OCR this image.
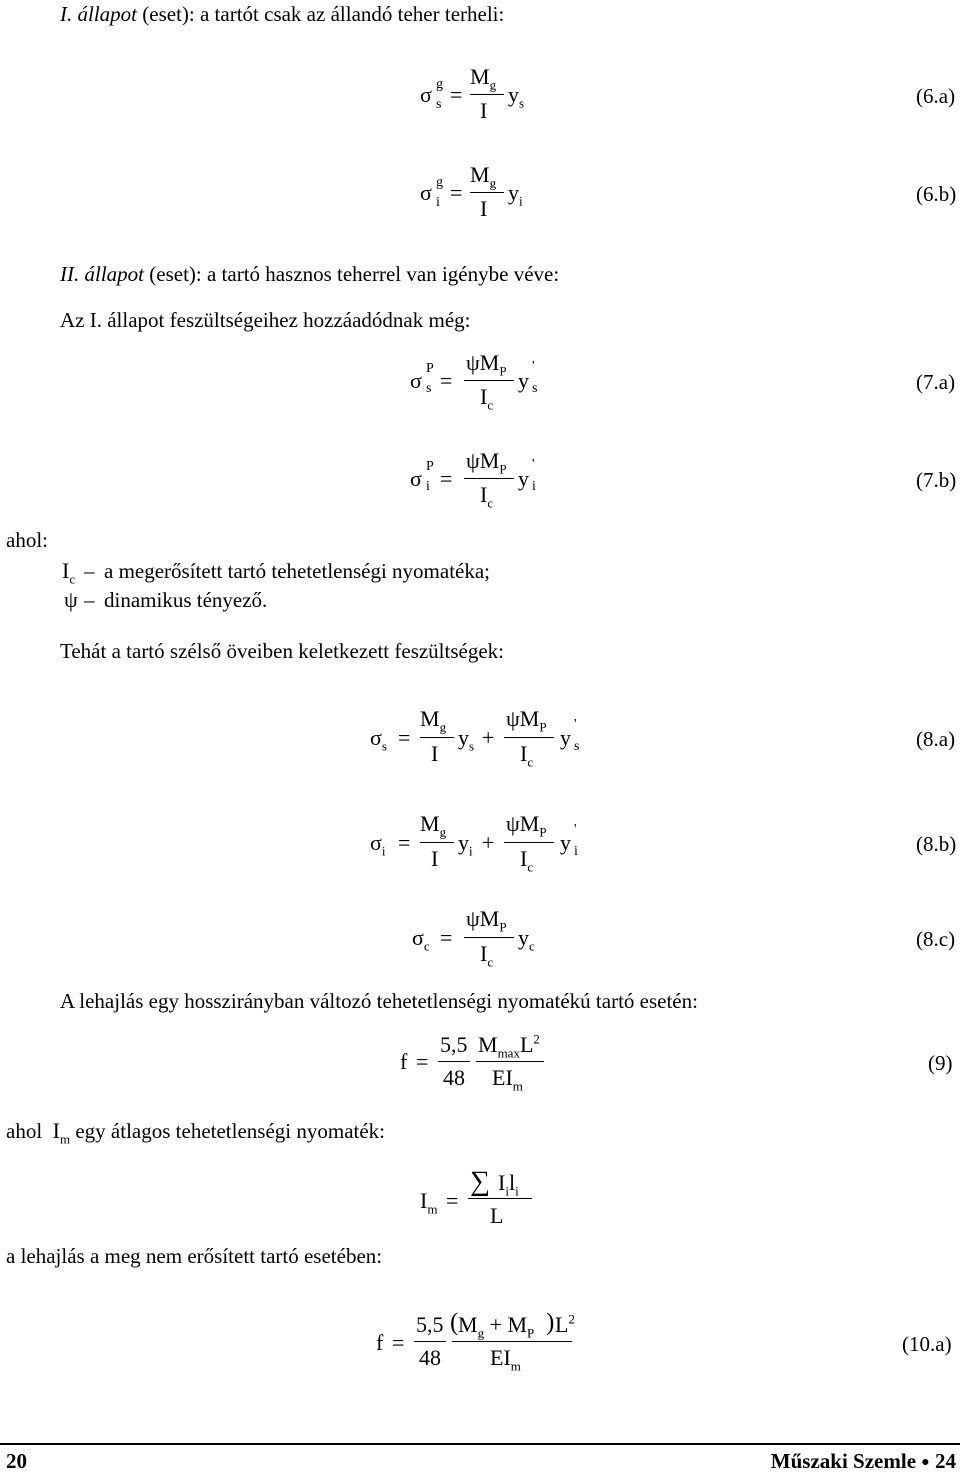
I. állapot (eset): a tartót csak az állandó teher terheli:
σ g
s =
$M_g$
I
$y_s$	(6.a)
σ g
i =
$M_g$
I
$y_i$	(6.b)
II. állapot (eset): a tartó hasznos teherrel van igénybe véve:
Az I. állapot feszültségeihez hozzáadódnak még:
σ P
s =
$\psi M_P$
$I_c$
y
'
s	(7.a)
σ P
i =
$\psi M_P$
$I_c$
y
'
i	(7.b)
ahol:
$I_c$ – a megerősített tartó tehetetlenségi nyomatéka;
ψ – dinamikus tényező.
Tehát a tartó szélső öveiben keletkezett feszültségek:
$\sigma_s$ =
$M_g$
I
$y_s$ +
$\psi M_P$
$I_c$
y
'
s	(8.a)
$\sigma_i$ =
$M_g$
I
$y_i$ +
$\psi M_P$
$I_c$
y
'
i	(8.b)
$\sigma_c$ =
$\psi M_P$
$I_c$
$y_c$	(8.c)
A lehajlás egy hosszirányban változó tehetetlenségi nyomatékú tartó esetén:
f =
5,5
48
$M_{max}L^2$
$EI_m$
(9)
ahol $I_m$ egy átlagos tehetetlenségi nyomaték:
$I_m$ =
∑ $I_il_i$
L
a lehajlás a meg nem erősített tartó esetében:
f =
5,5
48
( $M_g + M_P$ ) $L^2$
$EI_m$
(10.a)
20	Műszaki Szemle ● 24
